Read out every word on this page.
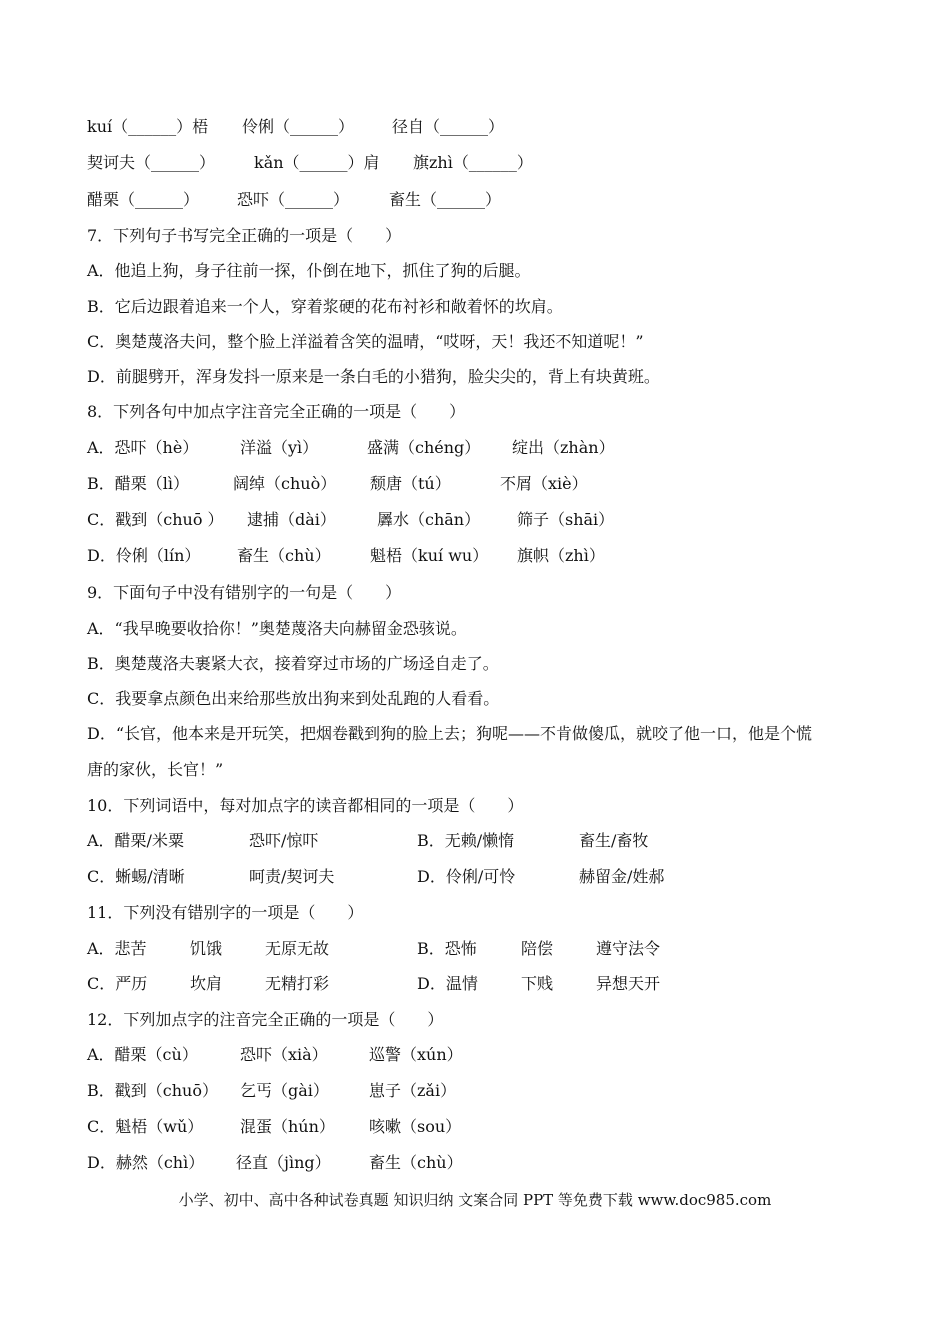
kuí（______）梧 伶俐（______） 径自（______）
契诃夫（______） kǎn（______）肩 旗zhì（______）
醋栗（______） 恐吓（______） 畜生（______）
7．下列句子书写完全正确的一项是（　　）
A．他追上狗，身子往前一探，仆倒在地下，抓住了狗的后腿。
B．它后边跟着追来一个人，穿着浆硬的花布衬衫和敞着怀的坎肩。
C．奥楚蔑洛夫问，整个脸上洋溢着含笑的温晴，“哎呀，天！我还不知道呢！”
D．前腿劈开，浑身发抖一原来是一条白毛的小猎狗，脸尖尖的，背上有块黄班。
8．下列各句中加点字注音完全正确的一项是（　　）
A．恐吓（hè）	洋溢（yì）	盛满（chéng） 绽出（zhàn）
B．醋栗（lì）	阔绰（chuò） 颓唐（tú）	不屑（xiè）
C．戳到（chuō ） 逮捕（dài）	羼水（chān） 筛子（shāi）
D．伶俐（lín） 畜生（chù） 魁梧（kuí wu） 旗帜（zhì）
9．下面句子中没有错别字的一句是（　　）
A．“我早晚要收拾你！”奥楚蔑洛夫向赫留金恐骇说。
B．奥楚蔑洛夫裹紧大衣，接着穿过市场的广场迳自走了。
C．我要拿点颜色出来给那些放出狗来到处乱跑的人看看。
D．“长官，他本来是开玩笑，把烟卷戳到狗的脸上去；狗呢——不肯做傻瓜，就咬了他一口，他是个慌
唐的家伙，长官！”
10．下列词语中，每对加点字的读音都相同的一项是（　　）
A．醋栗/米粟	恐吓/惊吓	B．无赖/懒惰	畜生/畜牧
C．蜥蜴/清晰	呵责/契诃夫	D．伶俐/可怜	赫留金/姓郝
11．下列没有错别字的一项是（　　）
A．悲苦	饥饿	无原无故	B．恐怖	陪偿	遵守法令
C．严历	坎肩	无精打彩	D．温情	下贱	异想天开
12．下列加点字的注音完全正确的一项是（　　）
A．醋栗（cù）	恐吓（xià）	巡警（xún）
B．戳到（chuō） 乞丐（gài）	崽子（zǎi）
C．魁梧（wǔ） 混蛋（hún） 咳嗽（sou）
D．赫然（chì） 径直（jìng） 畜生（chù）
小学、初中、高中各种试卷真题 知识归纳 文案合同 PPT 等免费下载 www.doc985.com
